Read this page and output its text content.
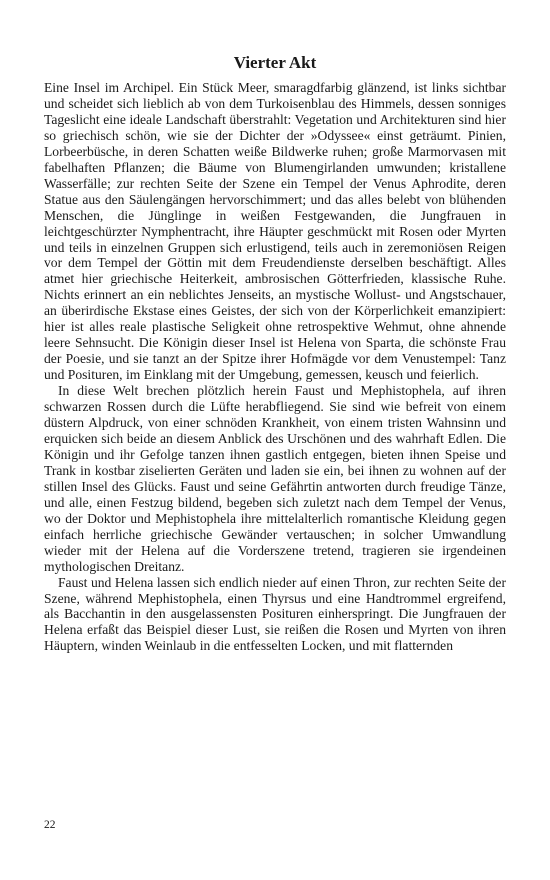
Vierter Akt

Eine Insel im Archipel. Ein Stück Meer, smaragdfarbig glänzend, ist links sichtbar und scheidet sich lieblich ab von dem Turkoisenblau des Himmels, dessen sonniges Tageslicht eine ideale Landschaft überstrahlt: Vegetation und Architekturen sind hier so griechisch schön, wie sie der Dichter der »Odyssee« einst geträumt. Pinien, Lorbeerbüsche, in deren Schatten weiße Bildwerke ruhen; große Marmorvasen mit fabelhaften Pflanzen; die Bäume von Blumengirlanden umwunden; kristallene Wasserfälle; zur rechten Seite der Szene ein Tempel der Venus Aphrodite, deren Statue aus den Säulengängen hervorschimmert; und das alles belebt von blühenden Menschen, die Jünglinge in weißen Festgewanden, die Jungfrauen in leichtgeschürzter Nymphentracht, ihre Häupter geschmückt mit Rosen oder Myrten und teils in einzelnen Gruppen sich erlustigend, teils auch in zeremoniösen Reigen vor dem Tempel der Göttin mit dem Freudendienste derselben beschäftigt. Alles atmet hier griechische Heiterkeit, ambrosischen Götterfrieden, klassische Ruhe. Nichts erinnert an ein neblichtes Jenseits, an mystische Wollust- und Angstschauer, an überirdische Ekstase eines Geistes, der sich von der Körperlichkeit emanzipiert: hier ist alles reale plastische Seligkeit ohne retrospektive Wehmut, ohne ahnende leere Sehnsucht. Die Königin dieser Insel ist Helena von Sparta, die schönste Frau der Poesie, und sie tanzt an der Spitze ihrer Hofmägde vor dem Venustempel: Tanz und Posituren, im Einklang mit der Umgebung, gemessen, keusch und feierlich.

In diese Welt brechen plötzlich herein Faust und Mephistophela, auf ihren schwarzen Rossen durch die Lüfte herabfliegend. Sie sind wie befreit von einem düstern Alpdruck, von einer schnöden Krankheit, von einem tristen Wahnsinn und erquicken sich beide an diesem Anblick des Urschönen und des wahrhaft Edlen. Die Königin und ihr Gefolge tanzen ihnen gastlich entgegen, bieten ihnen Speise und Trank in kostbar ziselierten Geräten und laden sie ein, bei ihnen zu wohnen auf der stillen Insel des Glücks. Faust und seine Gefährtin antworten durch freudige Tänze, und alle, einen Festzug bildend, begeben sich zuletzt nach dem Tempel der Venus, wo der Doktor und Mephistophela ihre mittelalterlich romantische Kleidung gegen einfach herrliche griechische Gewänder vertauschen; in solcher Umwandlung wieder mit der Helena auf die Vorderszene tretend, tragieren sie irgendeinen mythologischen Dreitanz.

Faust und Helena lassen sich endlich nieder auf einen Thron, zur rechten Seite der Szene, während Mephistophela, einen Thyrsus und eine Handtrommel ergreifend, als Bacchantin in den ausgelassensten Posituren einherspringt. Die Jungfrauen der Helena erfaßt das Beispiel dieser Lust, sie reißen die Rosen und Myrten von ihren Häuptern, winden Weinlaub in die entfesselten Locken, und mit flatternden

22
